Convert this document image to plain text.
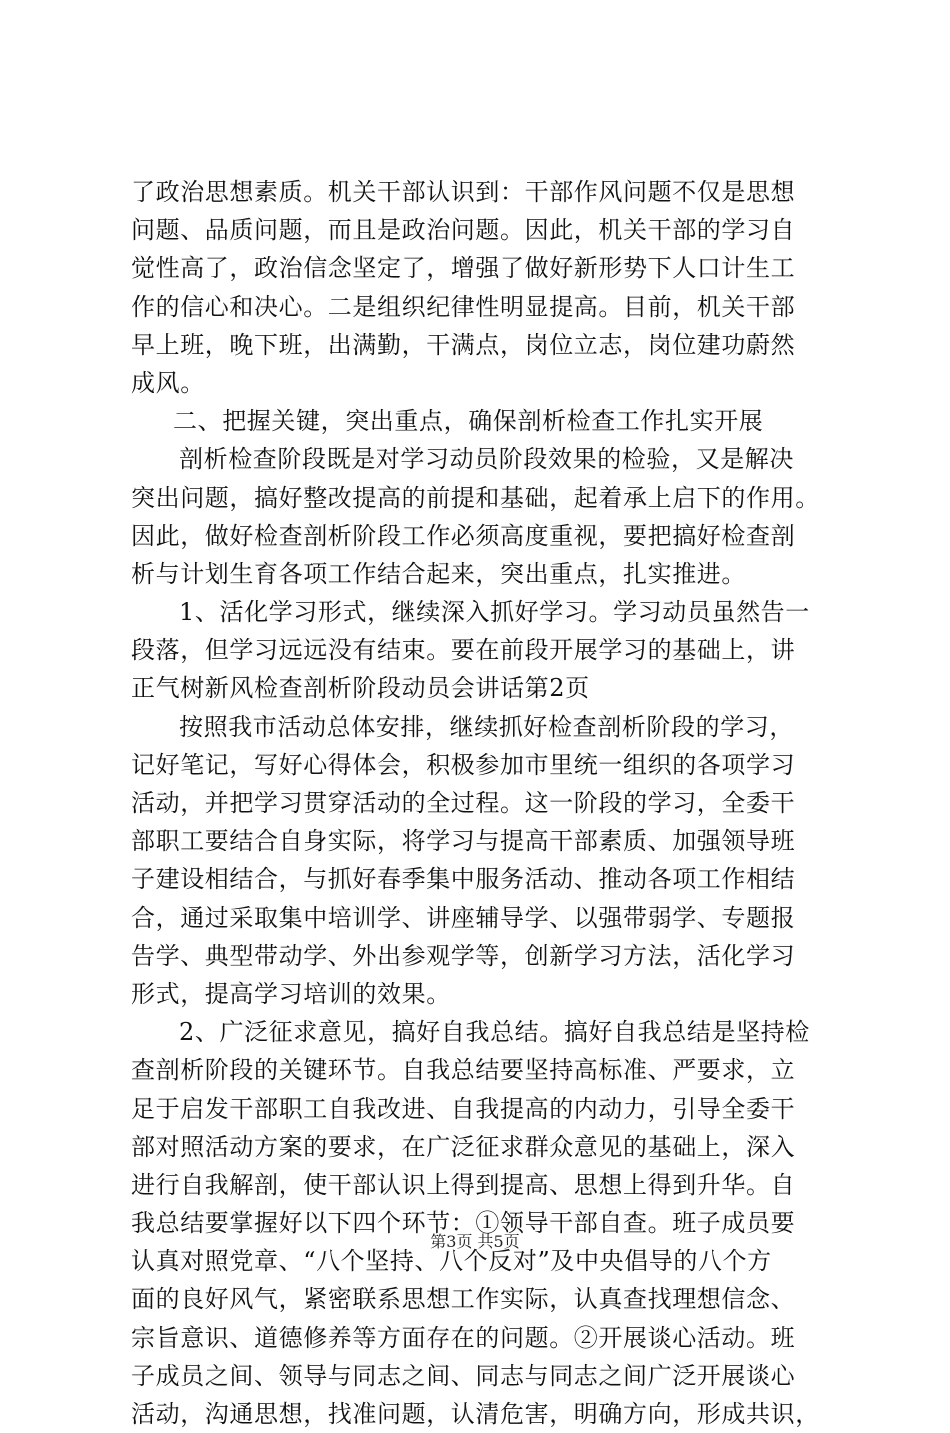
了政治思想素质。机关干部认识到：干部作风问题不仅是思想
问题、品质问题，而且是政治问题。因此，机关干部的学习自
觉性高了，政治信念坚定了，增强了做好新形势下人口计生工
作的信心和决心。二是组织纪律性明显提高。目前，机关干部
早上班，晚下班，出满勤，干满点，岗位立志，岗位建功蔚然
成风。
二、把握关键，突出重点，确保剖析检查工作扎实开展
剖析检查阶段既是对学习动员阶段效果的检验，又是解决
突出问题，搞好整改提高的前提和基础，起着承上启下的作用。
因此，做好检查剖析阶段工作必须高度重视，要把搞好检查剖
析与计划生育各项工作结合起来，突出重点，扎实推进。
1、活化学习形式，继续深入抓好学习。学习动员虽然告一
段落，但学习远远没有结束。要在前段开展学习的基础上，讲
正气树新风检查剖析阶段动员会讲话第2页
按照我市活动总体安排，继续抓好检查剖析阶段的学习，
记好笔记，写好心得体会，积极参加市里统一组织的各项学习
活动，并把学习贯穿活动的全过程。这一阶段的学习，全委干
部职工要结合自身实际，将学习与提高干部素质、加强领导班
子建设相结合，与抓好春季集中服务活动、推动各项工作相结
合，通过采取集中培训学、讲座辅导学、以强带弱学、专题报
告学、典型带动学、外出参观学等，创新学习方法，活化学习
形式，提高学习培训的效果。
2、广泛征求意见，搞好自我总结。搞好自我总结是坚持检
查剖析阶段的关键环节。自我总结要坚持高标准、严要求，立
足于启发干部职工自我改进、自我提高的内动力，引导全委干
部对照活动方案的要求，在广泛征求群众意见的基础上，深入
进行自我解剖，使干部认识上得到提高、思想上得到升华。自
我总结要掌握好以下四个环节：①领导干部自查。班子成员要
认真对照党章、“八个坚持、八个反对”及中央倡导的八个方
面的良好风气，紧密联系思想工作实际，认真查找理想信念、
宗旨意识、道德修养等方面存在的问题。②开展谈心活动。班
子成员之间、领导与同志之间、同志与同志之间广泛开展谈心
活动，沟通思想，找准问题，认清危害，明确方向，形成共识，
第3页 共5页
